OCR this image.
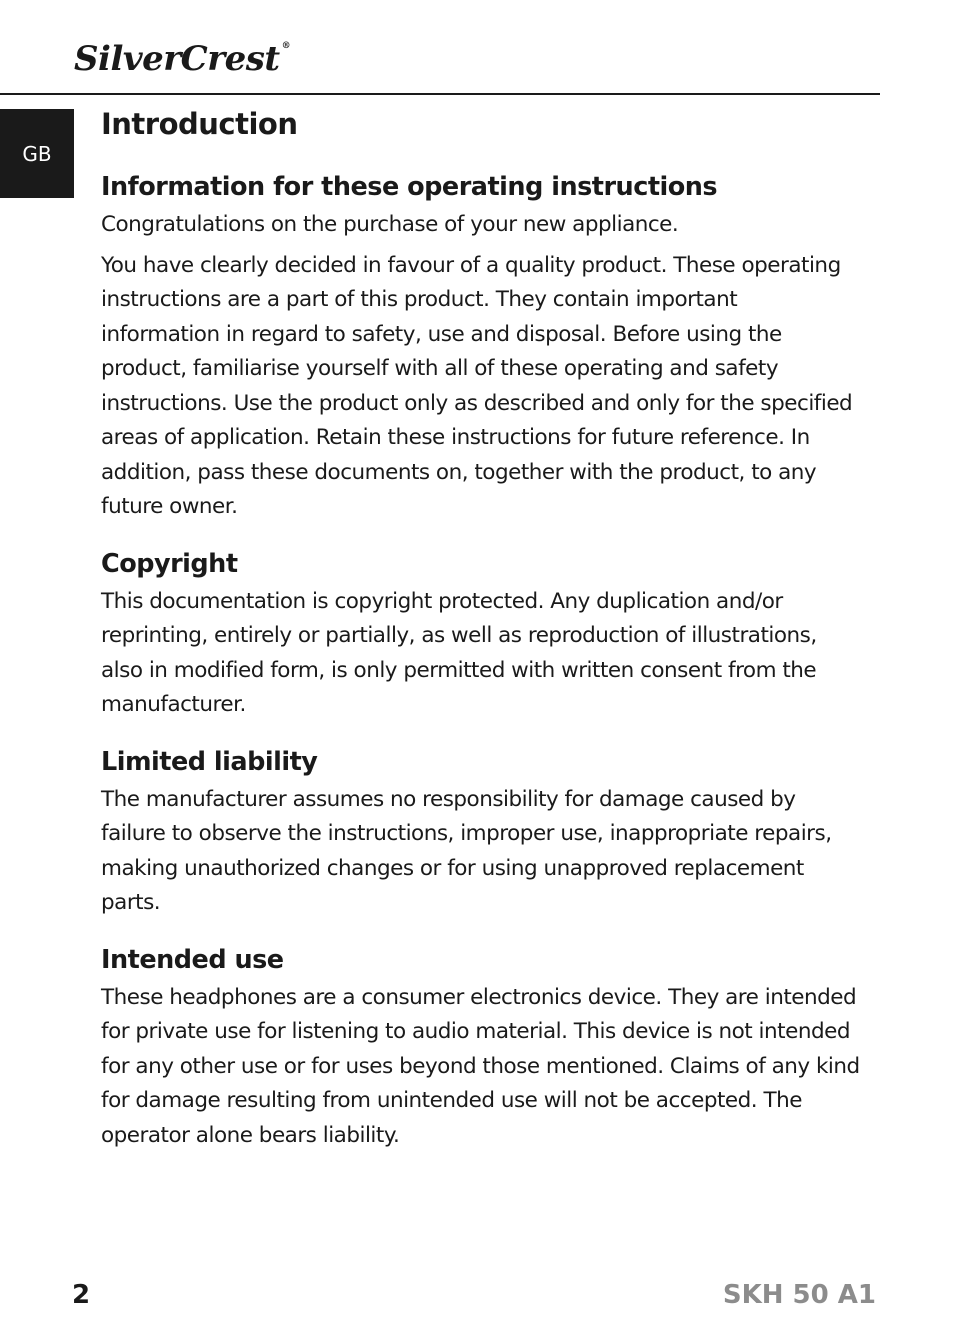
SilverCrest ®
GB
Introduction
Information for these operating instructions

Congratulations on the purchase of your new appliance.

You have clearly decided in favour of a quality product. These operating instructions are a part of this product. They contain important information in regard to safety, use and disposal. Before using the product, familiarise yourself with all of these operating and safety instructions. Use the product only as described and only for the specified areas of application. Retain these instructions for future reference. In addition, pass these documents on, together with the product, to any future owner.

Copyright

This documentation is copyright protected. Any duplication and/or reprinting, entirely or partially, as well as reproduction of illustrations, also in modified form, is only permitted with written consent from the manufacturer.

Limited liability

The manufacturer assumes no responsibility for damage caused by failure to observe the instructions, improper use, inappropriate repairs, making unauthorized changes or for using unapproved replacement parts.

Intended use

These headphones are a consumer electronics device. They are intended for private use for listening to audio material. This device is not intended for any other use or for uses beyond those mentioned. Claims of any kind for damage resulting from unintended use will not be accepted. The operator alone bears liability.

2	SKH 50 A1
